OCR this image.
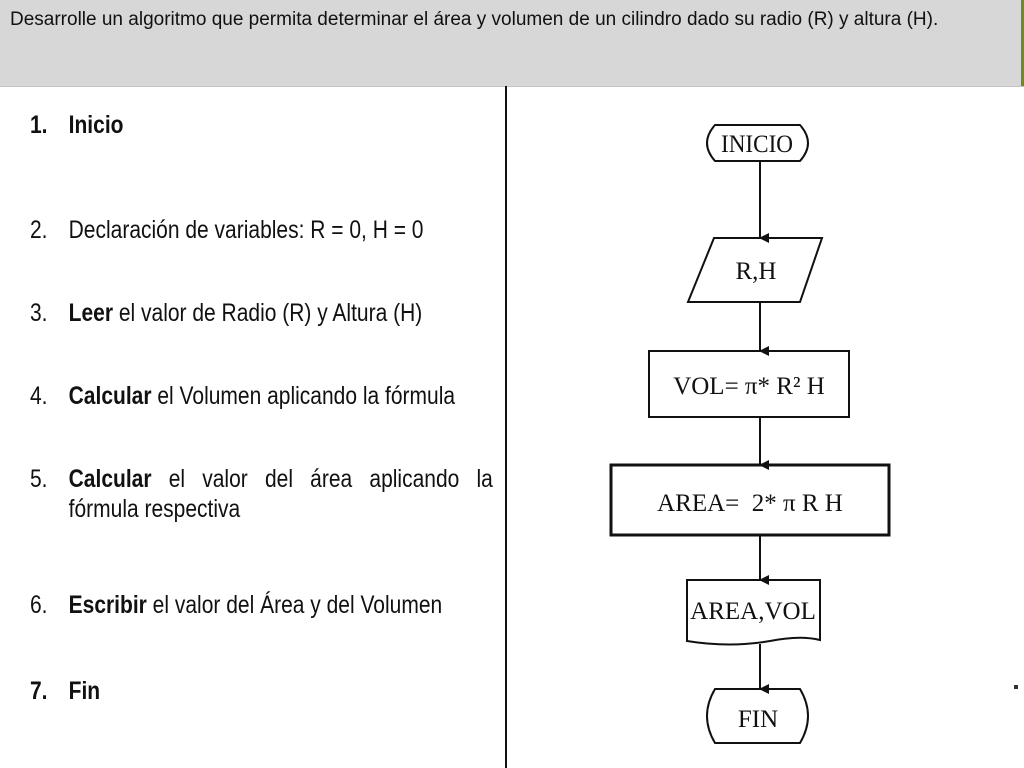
Desarrolle un algoritmo que permita determinar el área y volumen de un cilindro dado su radio (R) y altura (H).

1. Inicio
2. Declaración de variables: R = 0, H = 0
3. Leer el valor de Radio (R) y Altura (H)
4. Calcular el Volumen aplicando la fórmula
5. Calcular el valor del área aplicando la fórmula respectiva
6. Escribir el valor del Área y del Volumen
7. Fin
INICIO
R,H
VOL= π* R² H
AREA=  2* π R H
AREA,VOL
FIN
